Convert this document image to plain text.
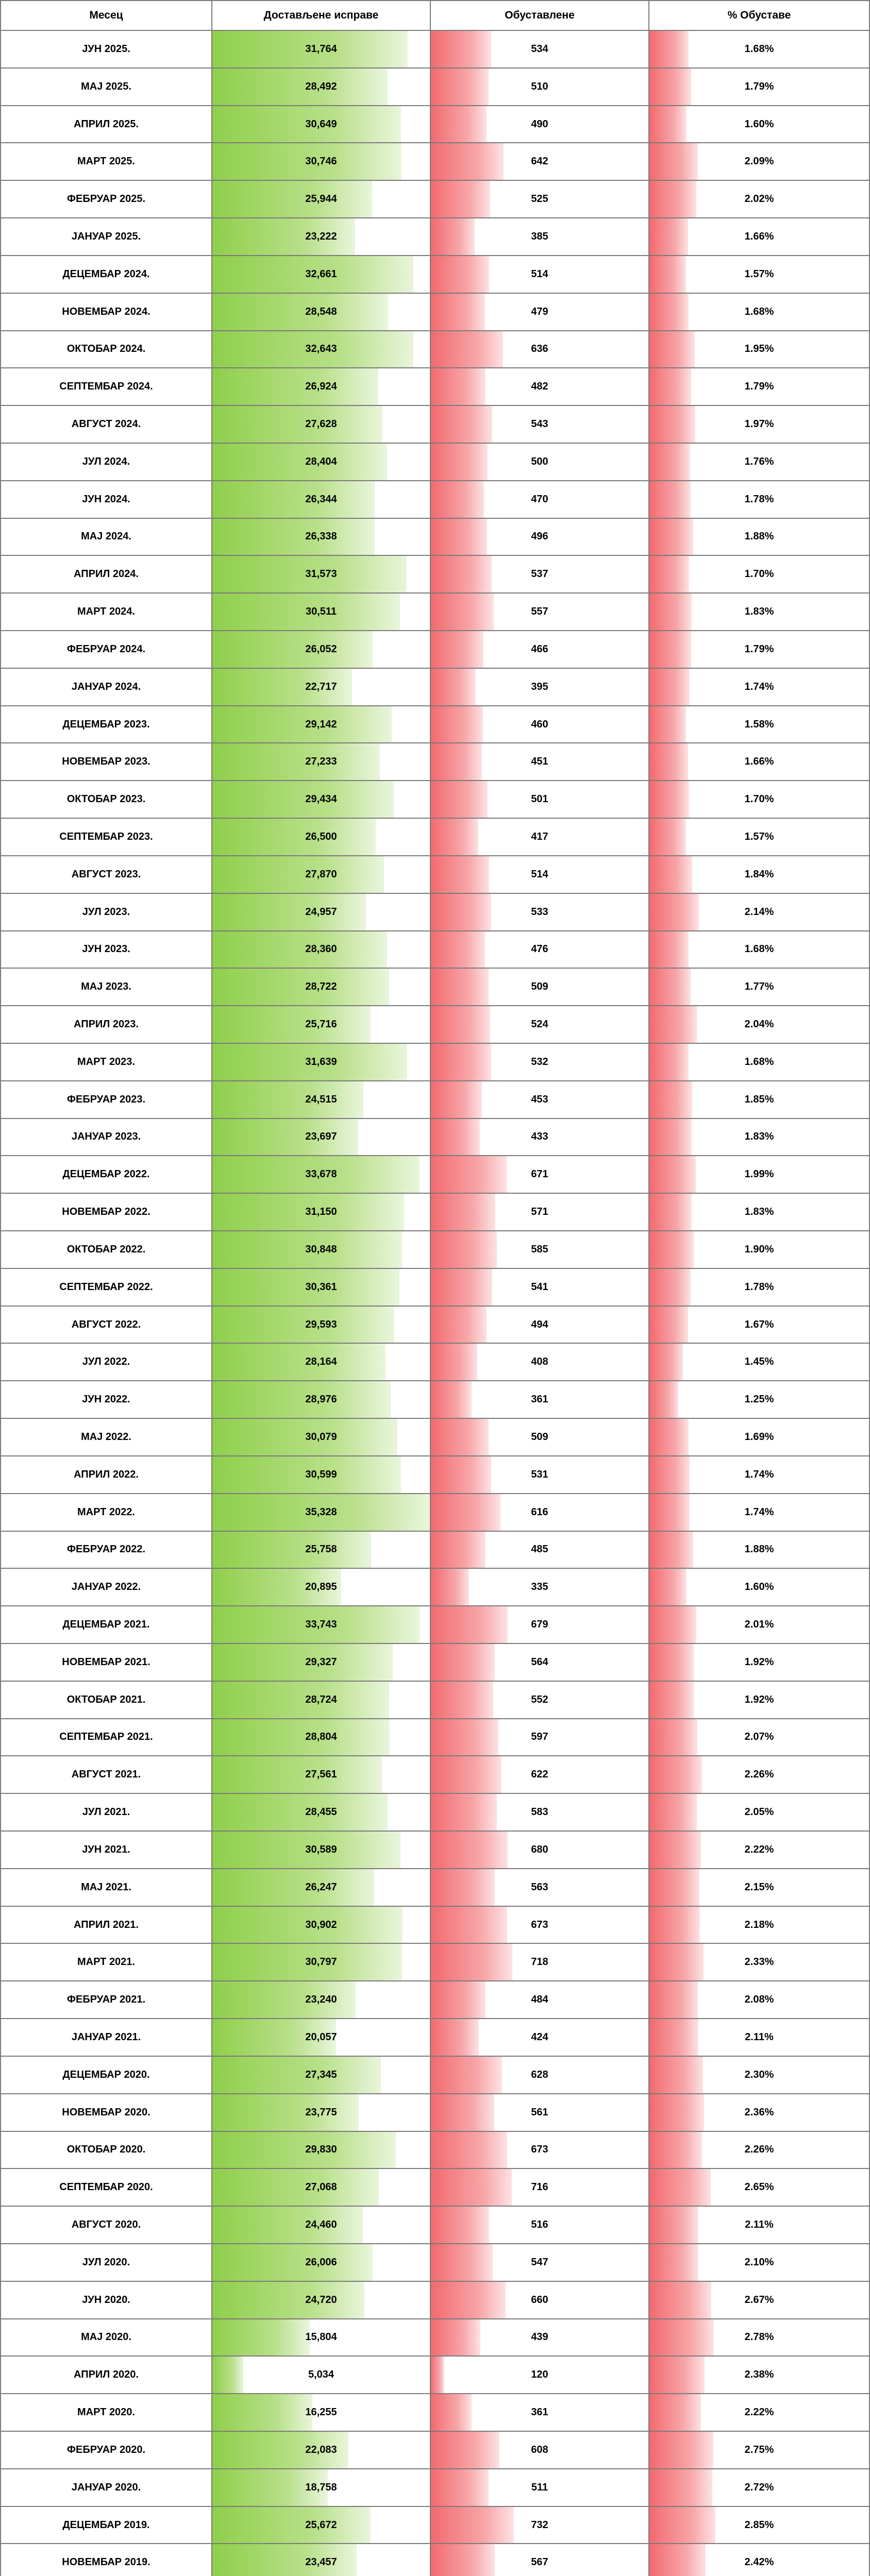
Месец	Достављене исправе	Обуставлене	% Обуставе
ЈУН 2025.	31,764	534	1.68%
МАЈ 2025.	28,492	510	1.79%
АПРИЛ 2025.	30,649	490	1.60%
МАРТ 2025.	30,746	642	2.09%
ФЕБРУАР 2025.	25,944	525	2.02%
ЈАНУАР 2025.	23,222	385	1.66%
ДЕЦЕМБАР 2024.	32,661	514	1.57%
НОВЕМБАР 2024.	28,548	479	1.68%
ОКТОБАР 2024.	32,643	636	1.95%
СЕПТЕМБАР 2024.	26,924	482	1.79%
АВГУСТ 2024.	27,628	543	1.97%
ЈУЛ 2024.	28,404	500	1.76%
ЈУН 2024.	26,344	470	1.78%
МАЈ 2024.	26,338	496	1.88%
АПРИЛ 2024.	31,573	537	1.70%
МАРТ 2024.	30,511	557	1.83%
ФЕБРУАР 2024.	26,052	466	1.79%
ЈАНУАР 2024.	22,717	395	1.74%
ДЕЦЕМБАР 2023.	29,142	460	1.58%
НОВЕМБАР 2023.	27,233	451	1.66%
ОКТОБАР 2023.	29,434	501	1.70%
СЕПТЕМБАР 2023.	26,500	417	1.57%
АВГУСТ 2023.	27,870	514	1.84%
ЈУЛ 2023.	24,957	533	2.14%
ЈУН 2023.	28,360	476	1.68%
МАЈ 2023.	28,722	509	1.77%
АПРИЛ 2023.	25,716	524	2.04%
МАРТ 2023.	31,639	532	1.68%
ФЕБРУАР 2023.	24,515	453	1.85%
ЈАНУАР 2023.	23,697	433	1.83%
ДЕЦЕМБАР 2022.	33,678	671	1.99%
НОВЕМБАР 2022.	31,150	571	1.83%
ОКТОБАР 2022.	30,848	585	1.90%
СЕПТЕМБАР 2022.	30,361	541	1.78%
АВГУСТ 2022.	29,593	494	1.67%
ЈУЛ 2022.	28,164	408	1.45%
ЈУН 2022.	28,976	361	1.25%
МАЈ 2022.	30,079	509	1.69%
АПРИЛ 2022.	30,599	531	1.74%
МАРТ 2022.	35,328	616	1.74%
ФЕБРУАР 2022.	25,758	485	1.88%
ЈАНУАР 2022.	20,895	335	1.60%
ДЕЦЕМБАР 2021.	33,743	679	2.01%
НОВЕМБАР 2021.	29,327	564	1.92%
ОКТОБАР 2021.	28,724	552	1.92%
СЕПТЕМБАР 2021.	28,804	597	2.07%
АВГУСТ 2021.	27,561	622	2.26%
ЈУЛ 2021.	28,455	583	2.05%
ЈУН 2021.	30,589	680	2.22%
МАЈ 2021.	26,247	563	2.15%
АПРИЛ 2021.	30,902	673	2.18%
МАРТ 2021.	30,797	718	2.33%
ФЕБРУАР 2021.	23,240	484	2.08%
ЈАНУАР 2021.	20,057	424	2.11%
ДЕЦЕМБАР 2020.	27,345	628	2.30%
НОВЕМБАР 2020.	23,775	561	2.36%
ОКТОБАР 2020.	29,830	673	2.26%
СЕПТЕМБАР 2020.	27,068	716	2.65%
АВГУСТ 2020.	24,460	516	2.11%
ЈУЛ 2020.	26,006	547	2.10%
ЈУН 2020.	24,720	660	2.67%
МАЈ 2020.	15,804	439	2.78%
АПРИЛ 2020.	5,034	120	2.38%
МАРТ 2020.	16,255	361	2.22%
ФЕБРУАР 2020.	22,083	608	2.75%
ЈАНУАР 2020.	18,758	511	2.72%
ДЕЦЕМБАР 2019.	25,672	732	2.85%
НОВЕМБАР 2019.	23,457	567	2.42%
